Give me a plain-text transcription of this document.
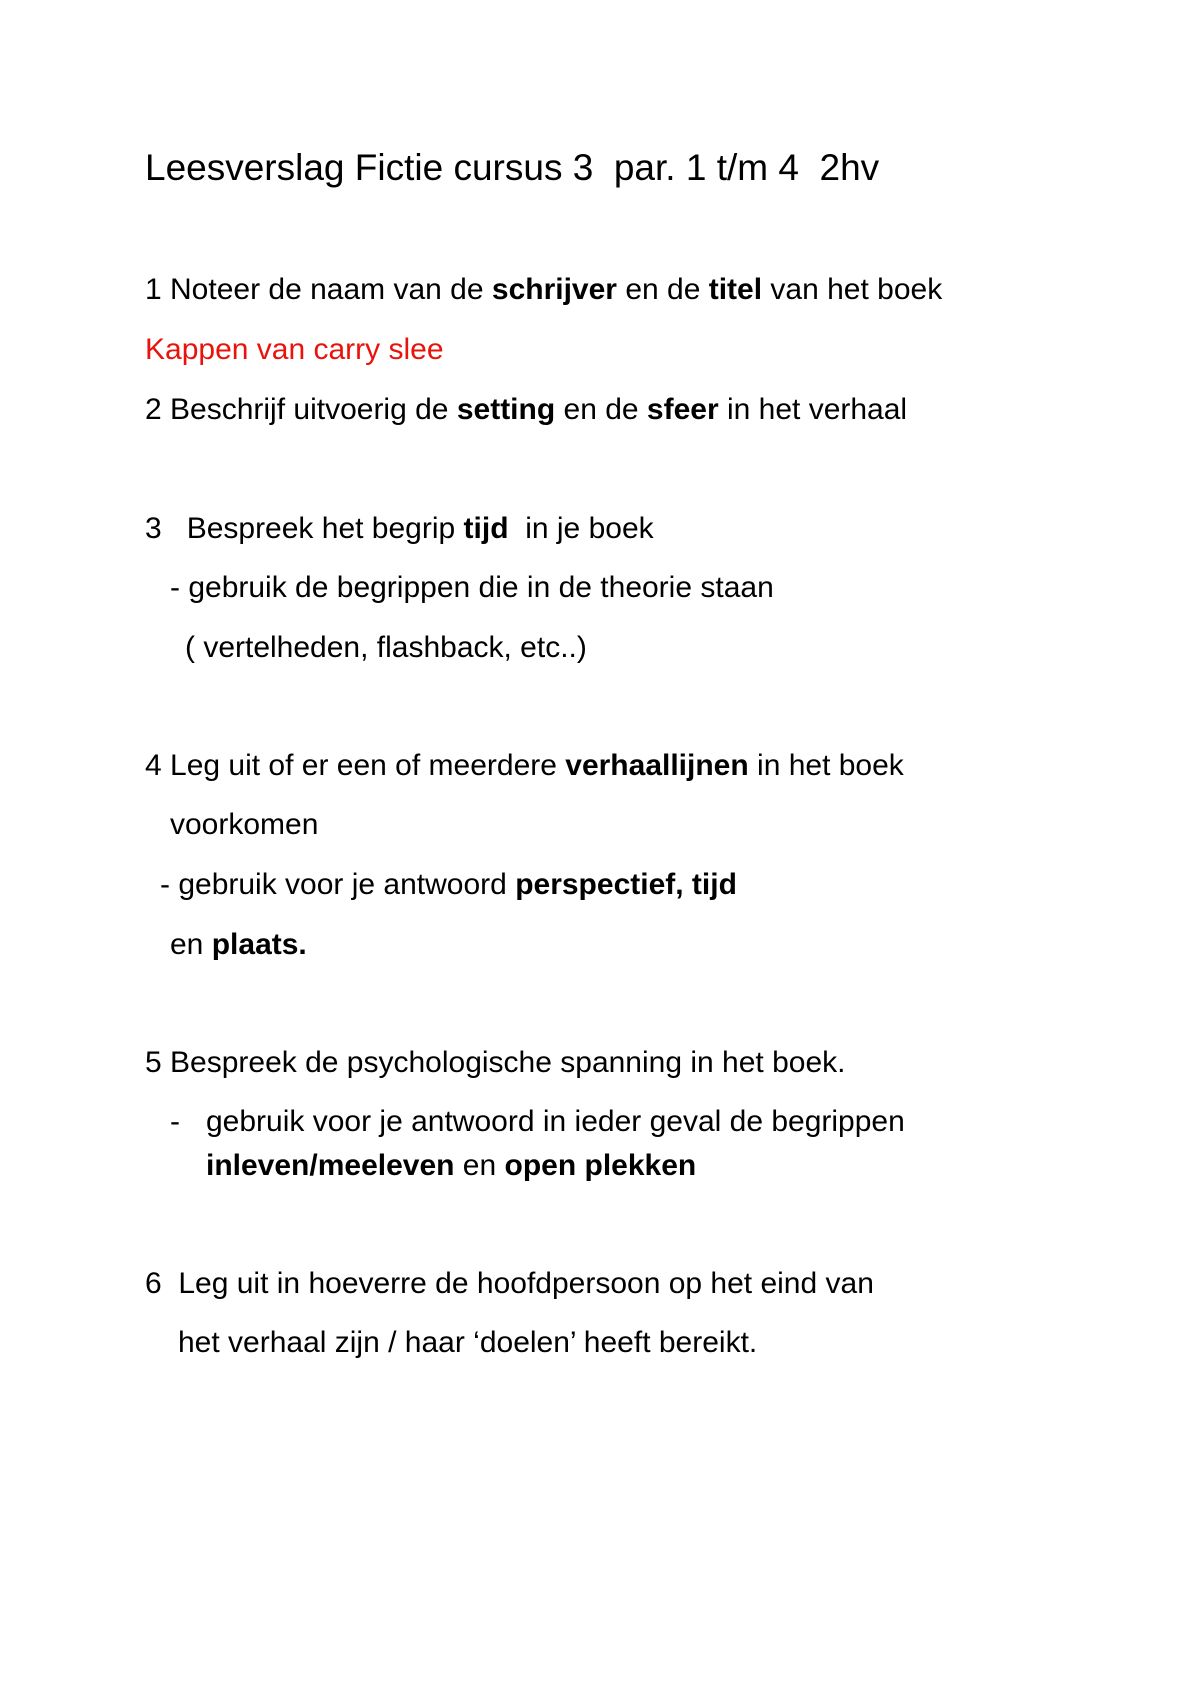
Leesverslag Fictie cursus 3  par. 1 t/m 4  2hv
1 Noteer de naam van de schrijver en de titel van het boek
Kappen van carry slee
2 Beschrijf uitvoerig de setting en de sfeer in het verhaal
3   Bespreek het begrip tijd  in je boek
- gebruik de begrippen die in de theorie staan
( vertelheden, flashback, etc..)
4 Leg uit of er een of meerdere verhaallijnen in het boek
voorkomen
- gebruik voor je antwoord perspectief, tijd
en plaats.
5 Bespreek de psychologische spanning in het boek.
- gebruik voor je antwoord in ieder geval de begrippen
inleven/meeleven en open plekken
6  Leg uit in hoeverre de hoofdpersoon op het eind van
het verhaal zijn / haar ‘doelen’ heeft bereikt.
